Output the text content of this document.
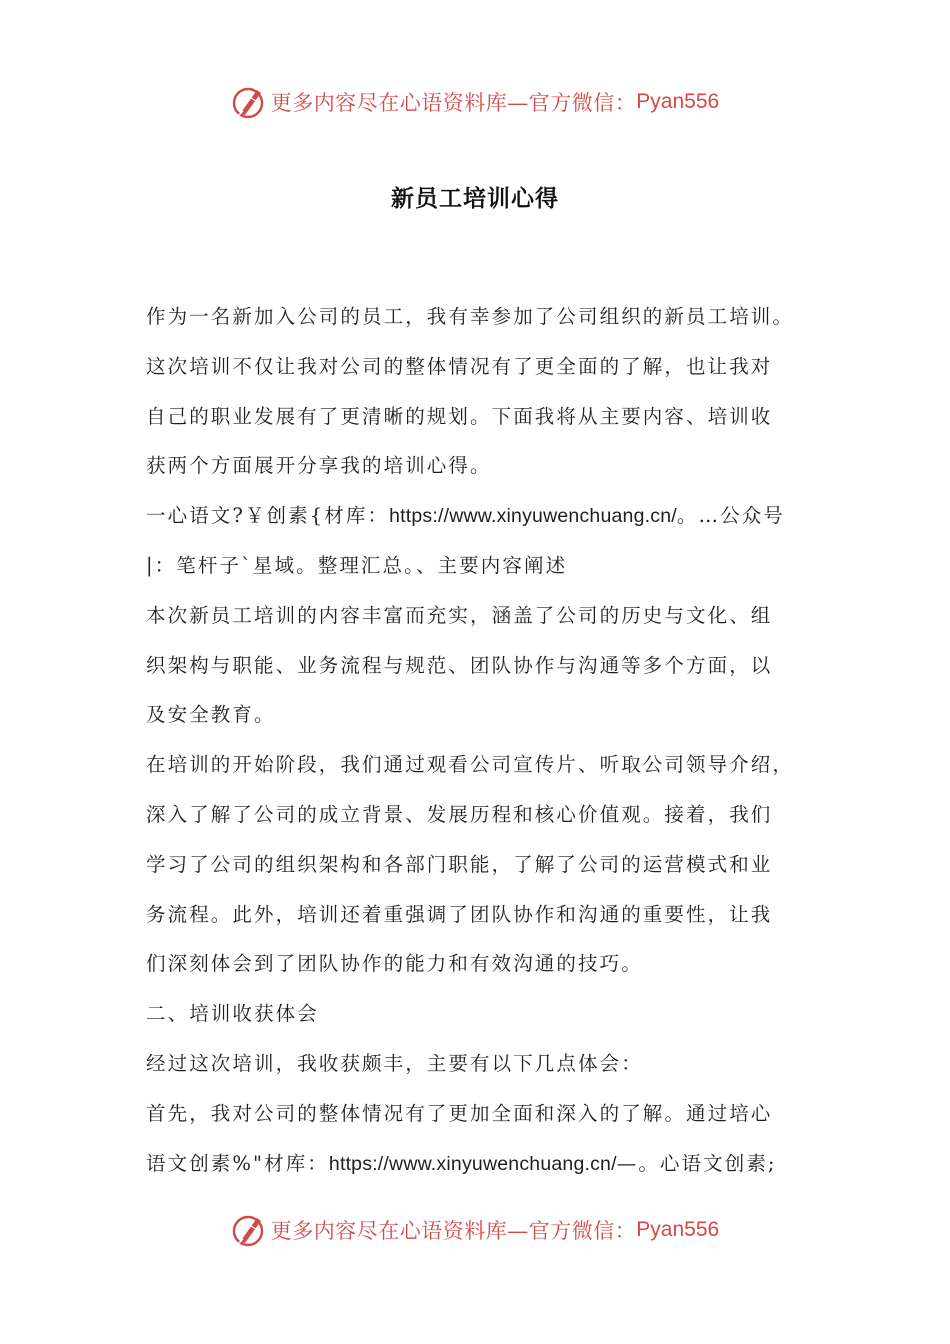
更多内容尽在心语资料库—官方微信： Pyan556
新员工培训心得
作为一名新加入公司的员工，我有幸参加了公司组织的新员工培训。
这次培训不仅让我对公司的整体情况有了更全面的了解，也让我对
自己的职业发展有了更清晰的规划。下面我将从主要内容、培训收
获两个方面展开分享我的培训心得。
一心语文?￥创素{材库：https://www.xinyuwenchuang.cn/。…公众号
|：笔杆子`星域。整理汇总。、主要内容阐述
本次新员工培训的内容丰富而充实，涵盖了公司的历史与文化、组
织架构与职能、业务流程与规范、团队协作与沟通等多个方面，以
及安全教育。
在培训的开始阶段，我们通过观看公司宣传片、听取公司领导介绍，
深入了解了公司的成立背景、发展历程和核心价值观。接着，我们
学习了公司的组织架构和各部门职能，了解了公司的运营模式和业
务流程。此外，培训还着重强调了团队协作和沟通的重要性，让我
们深刻体会到了团队协作的能力和有效沟通的技巧。
二、培训收获体会
经过这次培训，我收获颇丰，主要有以下几点体会：
首先，我对公司的整体情况有了更加全面和深入的了解。通过培心
语文创素%"材库：https://www.xinyuwenchuang.cn/—。心语文创素;
更多内容尽在心语资料库—官方微信： Pyan556
